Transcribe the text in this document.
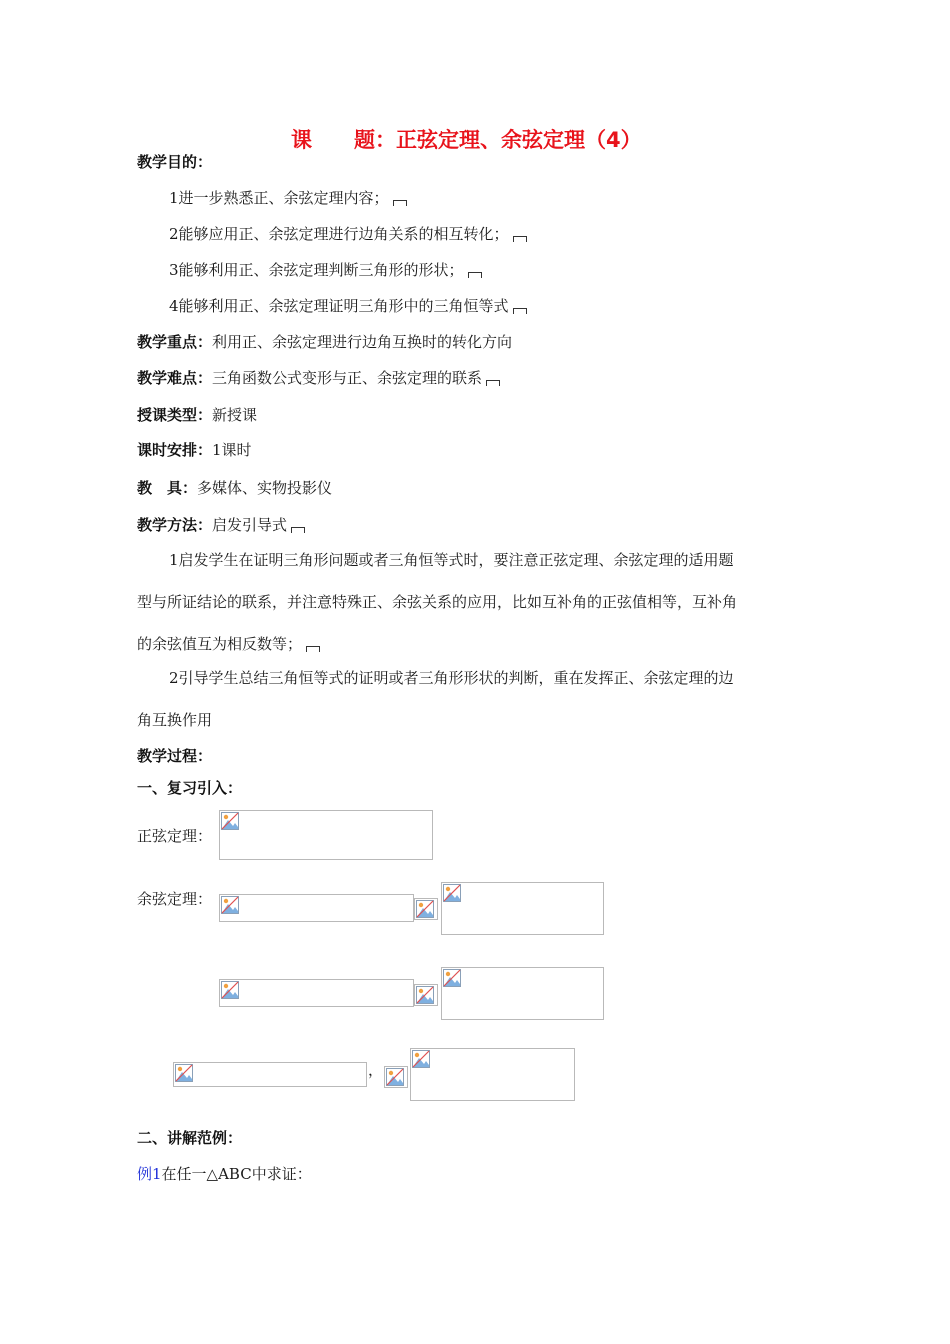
课　　题：正弦定理、余弦定理（4）
教学目的：
1进一步熟悉正、余弦定理内容；
2能够应用正、余弦定理进行边角关系的相互转化；
3能够利用正、余弦定理判断三角形的形状；
4能够利用正、余弦定理证明三角形中的三角恒等式
教学重点：利用正、余弦定理进行边角互换时的转化方向
教学难点：三角函数公式变形与正、余弦定理的联系
授课类型：新授课
课时安排：1课时
教　具：多媒体、实物投影仪
教学方法：启发引导式
1启发学生在证明三角形问题或者三角恒等式时，要注意正弦定理、余弦定理的适用题
型与所证结论的联系，并注意特殊正、余弦关系的应用，比如互补角的正弦值相等，互补角
的余弦值互为相反数等；
2引导学生总结三角恒等式的证明或者三角形形状的判断，重在发挥正、余弦定理的边
角互换作用
教学过程：
一、复习引入：
正弦定理：
余弦定理：
，
二、讲解范例：
例1在任一△ABC中求证：
